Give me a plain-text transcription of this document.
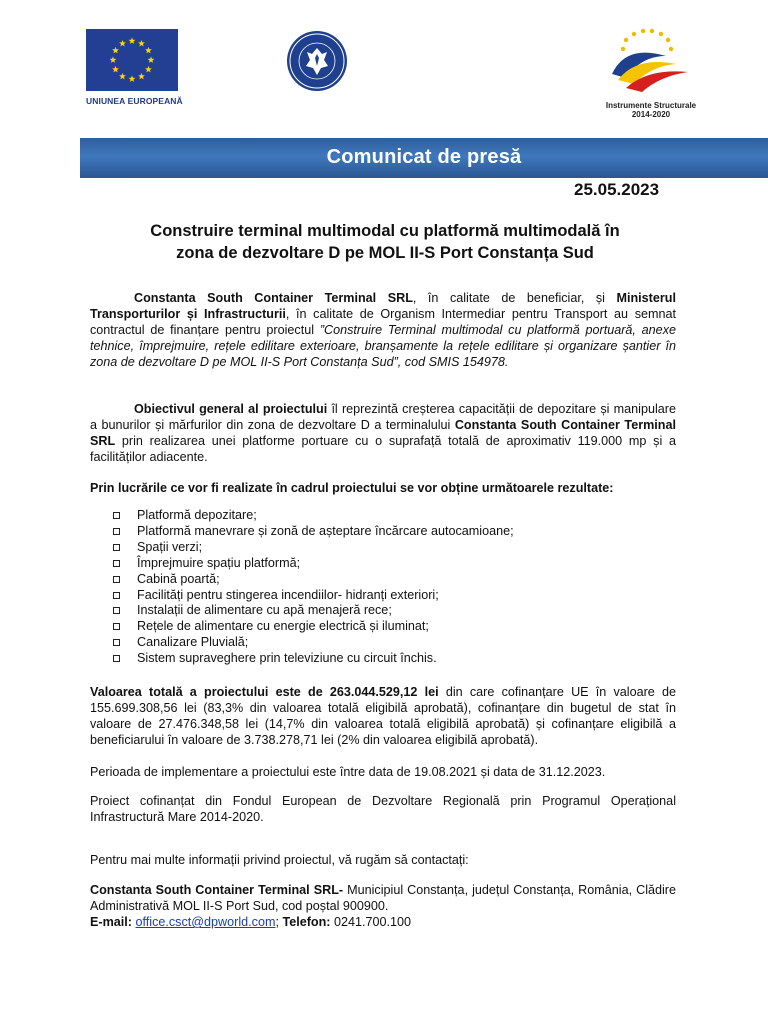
UNIUNEA EUROPEANĂ	Instrumente Structurale
2014-2020
Comunicat de presă
25.05.2023
Construire terminal multimodal cu platformă multimodală în
zona de dezvoltare D pe MOL II-S Port Constanța Sud
Constanta South Container Terminal SRL, în calitate de beneficiar, și Ministerul Transporturilor și Infrastructurii, în calitate de Organism Intermediar pentru Transport au semnat contractul de finanțare pentru proiectul ”Construire Terminal multimodal cu platformă portuară, anexe tehnice, împrejmuire, rețele edilitare exterioare, branșamente la rețele edilitare și organizare șantier în zona de dezvoltare D pe MOL II-S Port Constanța Sud”, cod SMIS 154978.
Obiectivul general al proiectului îl reprezintă creșterea capacității de depozitare și manipulare a bunurilor și mărfurilor din zona de dezvoltare D a terminalului Constanta South Container Terminal SRL prin realizarea unei platforme portuare cu o suprafață totală de aproximativ 119.000 mp și a facilităților adiacente.
Prin lucrările ce vor fi realizate în cadrul proiectului se vor obține următoarele rezultate:
Platformă depozitare;
Platformă manevrare și zonă de așteptare încărcare autocamioane;
Spații verzi;
Împrejmuire spațiu platformă;
Cabină poartă;
Facilități pentru stingerea incendiilor- hidranți exteriori;
Instalații de alimentare cu apă menajeră rece;
Rețele de alimentare cu energie electrică și iluminat;
Canalizare Pluvială;
Sistem supraveghere prin televiziune cu circuit închis.
Valoarea totală a proiectului este de 263.044.529,12 lei din care cofinanțare UE în valoare de 155.699.308,56 lei (83,3% din valoarea totală eligibilă aprobată), cofinanțare din bugetul de stat în valoare de 27.476.348,58 lei (14,7% din valoarea totală eligibilă aprobată) și cofinanțare eligibilă a beneficiarului în valoare de 3.738.278,71 lei (2% din valoarea eligibilă aprobată).
Perioada de implementare a proiectului este între data de 19.08.2021 și data de 31.12.2023.
Proiect cofinanțat din Fondul European de Dezvoltare Regională prin Programul Operațional Infrastructură Mare 2014-2020.
Pentru mai multe informații privind proiectul, vă rugăm să contactați:
Constanta South Container Terminal SRL- Municipiul Constanța, județul Constanța, România, Clădire Administrativă MOL II-S Port Sud, cod poștal 900900.
E-mail: office.csct@dpworld.com; Telefon: 0241.700.100
